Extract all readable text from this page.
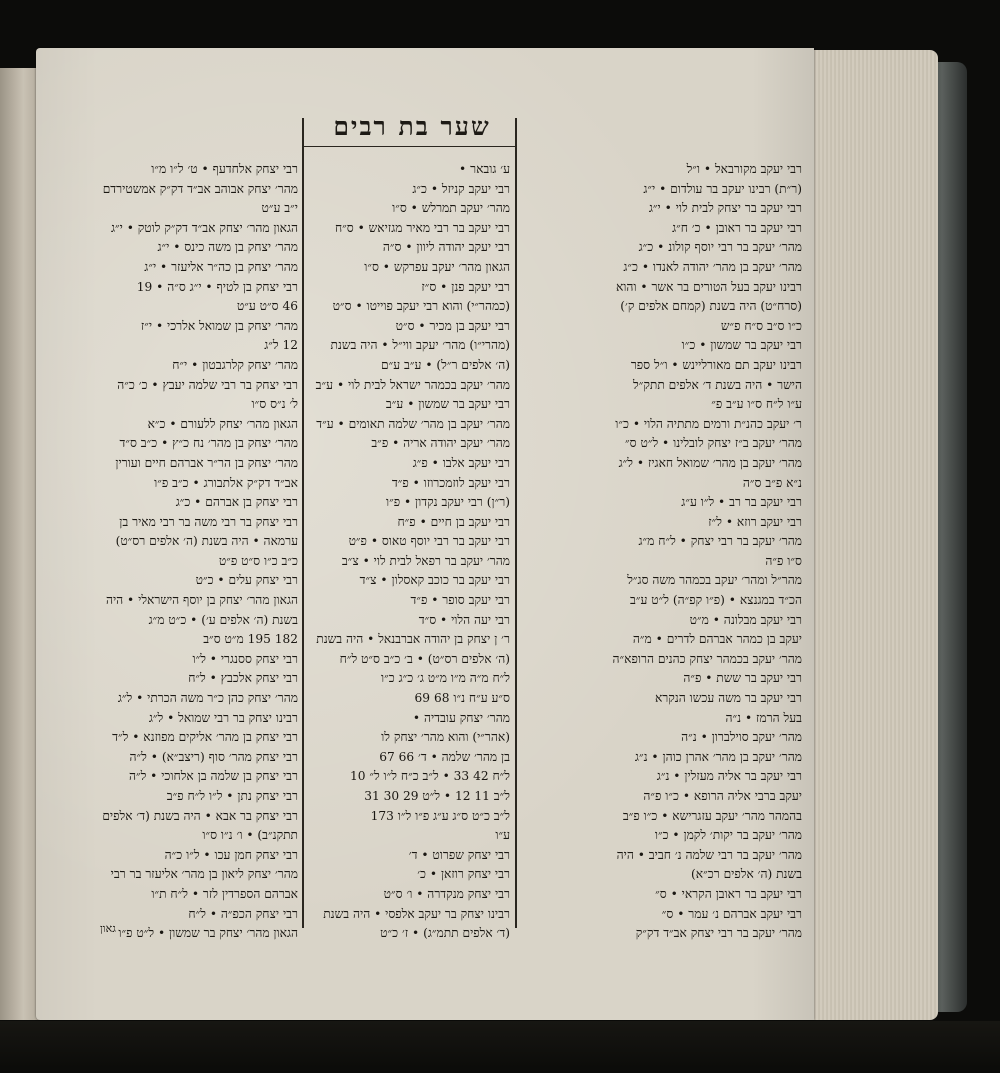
שער בת רבים
רבי יעקב מקורבאל • ו״ל
(ר״ת) רבינו יעקב בר עולדום • י״ג
רבי יעקב בר יצחק לבית לוי • י״ג
רבי יעקב בר ראובן • כ׳ ח״ג
מהר׳ יעקב בר רבי יוסף קולונ • כ״ג
מהר׳ יעקב בן מהר׳ יהודה לאנדו • כ״ג
רבינו יעקב בעל הטורים בר אשר • והוא
(סרח״ט) היה בשנת (קמחם אלפים ק׳)
כ״ו ס״ב ס״ח פ״ש
רבי יעקב בר שמשון • כ״ו
רבינו יעקב תם מאורליינש • ו״ל ספר
הישר • היה בשנת ד׳ אלפים תתק״ל
ע״ו ל״ח ס״ו ע״ב פ״
ר׳ יעקב כהנ״ת ורמים מתתיה הלוי • כ״ו
מהר׳ יעקב ב״ז יצחק לובלינו • ל״ט ס״
מהר׳ יעקב בן מהר׳ שמואל חאגיז • ל״ג
נ״א פ״ב ס״ה
רבי יעקב בר רב • ל״ו ע״ג
רבי יעקב רוזא • ל״ז
מהר׳ יעקב בר רבי יצחק • ל״ח מ״ג
ס״ו פ״ה
מהר״ל ומהר׳ יעקב בכמהר משה סג״ל
הכ״ד במגנצא • (פ״ו קפ״ה) ל״ט ע״ב
רבי יעקב מבלונה • מ״ט
יעקב בן כמהר אברהם לדרים • מ״ה
מהר׳ יעקב בכמהר יצחק כהנים הרופא״ה
רבי יעקב בר ששת • פ״ה
רבי יעקב בר משה עכשו הנקרא
בעל הרמז • נ״ה
מהר׳ יעקב סוילברון • נ״ה
מהר׳ יעקב בן מהר׳ אהרן כוהן • נ״ג
רבי יעקב בר אליה מעזלין • נ״ג
יעקב ברבי אליה הרופא • כ״ו פ״ה
בהמהר מהר׳ יעקב עזגרישא • כ״ו פ״ב
מהר׳ יעקב בר יקות׳ לקמן • כ״ו
מהר׳ יעקב בר רבי שלמה נ׳ חביב • היה
בשנת (ה׳ אלפים רכ״א)
רבי יעקב בר ראובן הקראי • ס״
רבי יעקב אברהם נ׳ עמר • ס״
מהר׳ יעקב בר רבי יצחק אב״ד דק״ק
ע׳ גובאר •
רבי יעקב קניזל • כ״ג
מהר׳ יעקב תמרלש • ס״ו
רבי יעקב בר רבי מאיר מגזיאש • ס״ח
רבי יעקב יהודה ליוון • ס״ה
הגאון מהר׳ יעקב עפרקש • ס״ו
רבי יעקב פנן • ס״ז
(כמהר״י) והוא רבי יעקב פוייטו • ס״ט
רבי יעקב בן מכיר • ס״ט
(מהרי״ו) מהר׳ יעקב ווי״ל • היה בשנת
(ה׳ אלפים ר״ל) • ע״ב ע״ם
מהר׳ יעקב בכמהר ישראל לבית לוי • ע״ב
רבי יעקב בר שמשון • ע״ב
מהר׳ יעקב בן מהר׳ שלמה תאומים • ע״ד
מהר׳ יעקב יהודה אריה • פ״ב
רבי יעקב אלבו • פ״ג
רבי יעקב לוזמכרוזו • פ״ד
(ר״ן) רבי יעקב נקדון • פ״ו
רבי יעקב בן חיים • פ״ח
רבי יעקב בר רבי יוסף טאוס • פ״ט
מהר׳ יעקב בר רפאל לבית לוי • צ״ב
רבי יעקב בר כוכב קאסלון • צ״ד
רבי יעקב סופר • פ״ד
רבי יעה הלוי • ס״ד
ר׳ ן יצחק בן יהודה אברבנאל • היה בשנת
(ה׳ אלפים רס״ט) • ב׳ כ״ב ס״ט ל״ח
ל״ח מ״ה מ״ו מ״ט ג׳ כ״ג כ״ו
ס״ע ע״ח נ״ו 68 69
מהר׳ יצחק עובדיה •
(אהר״י) והוא מהר׳ יצחק לו
בן מהר׳ שלמה • ד׳ 66 67
ל״ח 42 33 • ל״ב כ״ח ל״ו ל״ 10
ל״ב 11 12 • ל״ט 29 30 31
ל״ב כ״ט ס״ג ע״ג פ״ו ל״ו 173
ע״ו
רבי יצחק שפרוט • ד׳
רבי יצחק רוזאן • כ׳
רבי יצחק מנקדרה • ו׳ ס״ט
רבינו יצחק בר יעקב אלפסי • היה בשנת
(ד׳ אלפים תתמ״ג) • ז׳ כ״ט
רבי יצחק אלחדעף • ט׳ ל״ו מ״ו
מהר׳ יצחק אבוהב אב״ד דק״ק אמשטירדם
י״ב ע״ט
הגאון מהר׳ יצחק אב״ד דק״ק לוטק • י״ג
מהר׳ יצחק בן משה כינס • י״ג
מהר׳ יצחק בן כה״ר אליעזר • י״ג
רבי יצחק בן לטיף • י״ג ס״ה • 19
46 ס״ט ע״ט
מהר׳ יצחק בן שמואל אלרכי • י״ז
12 ל״ג
מהר׳ יצחק קלרגבטון • י״ח
רבי יצחק בר רבי שלמה יעבץ • כ׳ כ״ה
ל׳ נ״ס ס״ו
הגאון מהר׳ יצחק ללעורם • כ״א
מהר׳ יצחק בן מהר׳ נח כ״ץ • כ״ב ס״ד
מהר׳ יצחק בן הר״ר אברהם חיים ועורין
אב״ד דק״ק אלתבורג • כ״ב פ״ו
רבי יצחק בן אברהם • כ״ג
רבי יצחק בר רבי משה בר רבי מאיר בן
ערמאה • היה בשנת (ה׳ אלפים רס״ט)
כ״ב כ״ו ס״ט פ״ט
רבי יצחק עלים • כ״ט
הגאון מהר׳ יצחק בן יוסף הישראלי • היה
בשנת (ה׳ אלפים ע׳) • כ״ט מ״ג
182 195 מ״ט ס״ב
רבי יצחק ססנגרי • ל״ו
רבי יצחק אלכבץ • ל״ח
מהר׳ יצחק כהן כ״ר משה הכרתי • ל״ג
רבינו יצחק בר רבי שמואל • ל״ג
רבי יצחק בן מהר׳ אליקים מפוזנא • ל״ד
רבי יצחק מהר׳ סוף (ריצב״א) • ל״ה
רבי יצחק בן שלמה בן אלחוכי • ל״ה
רבי יצחק נתן • ל״ו ל״ח פ״ב
רבי יצחק בר אבא • היה בשנת (ד׳ אלפים
תתקנ״ב) • ו׳ נ״ו ס״ו
רבי יצחק חמן עכו • ל״ו כ״ה
מהר׳ יצחק ליאון בן מהר׳ אליעזר בר רבי
אברהם הספרדין לזר • ל״ח ת״ו
רבי יצחק הכפ״ה • ל״ח
הגאון מהר׳ יצחק בר שמשון • ל״ט פ״ו
גאון
